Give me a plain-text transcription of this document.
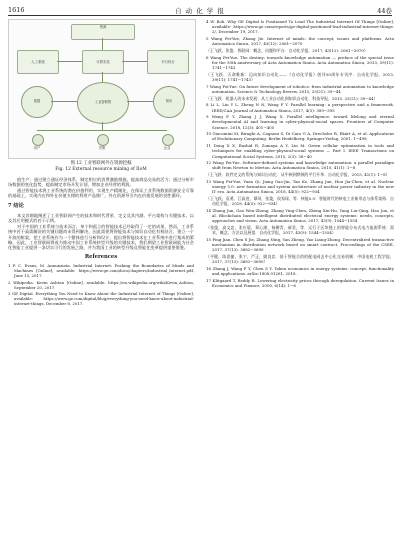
1616	自 动 化 学 报	44卷
资源
人工系统	计算实验	平行执行
工业智联网
数据	知识
用户	决策	企业
图 12 工业智联网外在资源挖掘
Fig. 12 External resource mining of IIoM

值生产；通过建立通证经济体系，制定相应的消费激励措施，提高商品交易的活力；通过分析市场数据的变化趋势，提前制定市场开发计划，增加企业经营的利润。

通过智能技术将工业系统的潜在价值利用，实现生产精细化、在保证工业系统数据资源安全可靠的基础上，实现内在和外在价值支撑的利用产品推广，外在资源导引内在价值发展的良性循环。

7 结论

本文详细地阐述了工业智联网产生的技术和时代背景、定义及其内涵、平台架构与关键技术，以及其应用模式的若干示例。

对于中国的工业系统与技术而言，单个和孤立的智能技术已经取得了一定的成果，然而，工业系统中若干亟需解决的关键问题尚未得到解决，因此需要将智能技术与知识自动化有机结合，建立一个开放的框架，把工业系统作为一个整体进行分析和设计，提出将智能技术在工业系统中进行集成的策略。因此，工业智联网将成为推动中国工业系统转型升级的关键技术，我们期望工业智联网能为社会化智能工业提供一条切实可行的发展之路，并为我国工业的转型升级及智能化变革提供重要借鉴。

References

1 P. C. Evans, M. Annunziata. Industrial Internet: Pushing the Boundaries of Minds and Machines [Online], available: https://www.ge.com/docs/chapters/Industrial_Internet.pdf, June 15, 2017.

2 Wikipedia. Kevin Ashton [Online], available: https://en.wikipedia.org/wiki/Kevin_Ashton, September 20, 2017.

3 GE Digital. Everything You Need to Know About the Industrial Internet of Things [Online], available: https://www.ge.com/digital/blog/everything-you-need-know-about-industrial-internet-things, December 8, 2017.

4 W. Roh. Why GE Digital Is Positioned To Lead The Industrial Internet Of Things [Online], available: https://www.ge.com/reports/ge-digital-positioned-lead-industrial-internet-things-2/, December 19, 2017.

5 Wang Fei-Yue, Zhang Jie. Internet of minds: the concept, issues and platforms. Acta Automatica Sinica, 2017, 43(12): 2061−2070

（王飞跃，张俊．智联网：概念、问题和平台．自动化学报，2017, 43(12): 2061−2070）

6 Wang Fei-Yue. The destiny: towards knowledge automation — preface of the special issue for the 50th anniversary of Acta Automatica Sinica. Acta Automatica Sinica, 2013, 39(11): 1741−1743

（王飞跃．天命唯新：迈向知识自动化——《自动化学报》创刊50周年专刊序．自动化学报，2013, 39(11): 1741−1743）

7 Wang Fei-Yue. On future development of robotics: from industrial automation to knowledge automation. Science & Technology Review, 2015, 33(21): 39−44

（王飞跃．机器人的未来发展：从工业自动化到知识自动化．科技导报，2015, 33(21): 39−44）

8 Li L, Lin Y L, Zheng N N, Wang F Y. Parallel learning: a perspective and a framework. IEEE/CAA Journal of Automatica Sinica, 2017, 4(3): 389−395

9 Wang F Y, Zhang J J, Wang X. Parallel intelligence: toward lifelong and eternal developmental AI and learning in cyber-physical-social spaces. Frontiers of Computer Science, 2018, 12(3): 401−405

10 Giacomini M, Biraghi A, Cagnoni S, Di Caro G A, Drechsler R, Ekárt A, et al. Applications of Evolutionary Computing. Berlin Heidelberg: Springer-Verlag, 2001. 1−498

11 Dong X X, Rashid R, Zomaya A Y, Lin M. Green cellular optimization in tools and techniques for enabling cyber-physical-social systems — Part I. IEEE Transactions on Computational Social Systems, 2015, 2(3): 38−40

12 Wang Fei-Yue. Software-defined systems and knowledge automation: a parallel paradigm shift from Newton to Merton. Acta Automatica Sinica, 2015, 41(1): 1−8

（王飞跃．软件定义的系统与知识自动化：从牛顿到默顿的平行升华．自动化学报，2015, 41(1): 1−8）

13 Wang Fei-Yue, Yuan Qi, Jiang Gao-Jin, Tan Ke, Zhang Jun, Hou Jia-Chen, et al. Nuclear energy 5.0: new formation and system architecture of nuclear power industry in the new IT era. Acta Automatica Sinica, 2018, 44(5): 922−934

（王飞跃，袁勇，江高进，谭珂，张俊，侯家琛，等．核能5.0：智能时代的核电工业新形态与体系架构．自动化学报，2018, 44(5): 922−934）

14 Zhang Jun, Gao Wen-Zhong, Zhang Ying-Chen, Zheng Xin-Hu, Yang Liu-Qing, Hao Jun, et al. Blockchain based intelligent distributed electrical energy systems: needs, concepts, approaches and vision. Acta Automatica Sinica, 2017, 43(9): 1544−1554

（张俊，高文忠，张应晨，郑心湖，杨柳青，郝君，等．运行于区块链上的智能分布式电力能源系统：需求、概念、方法以及展望．自动化学报，2017, 43(9): 1544−1554）

15 Ping Jian, Chen S Jie, Zhang Ning, Yan Zheng, Yao Liang-Zhong. Decentralized transactive mechanism in distribution network based on smart contract. Proceedings of the CSEE, 2017, 37(13): 3682−3690

（平健，陈思捷，张宁，严正，姚良忠．基于智能合约的配电网去中心化交易机制．中国电机工程学报，2017, 37(13): 3682−3690）

16 Zhang J, Wang F Y, Chen S Y. Token economics in energy systems: concept, functionality and applications. arXiv:1808.01261, 2018.

17 Klitgaard T, Reddy R. Lowering electricity prices through deregulation. Current Issues in Economics and Finance, 2000, 6(14): 1−6
